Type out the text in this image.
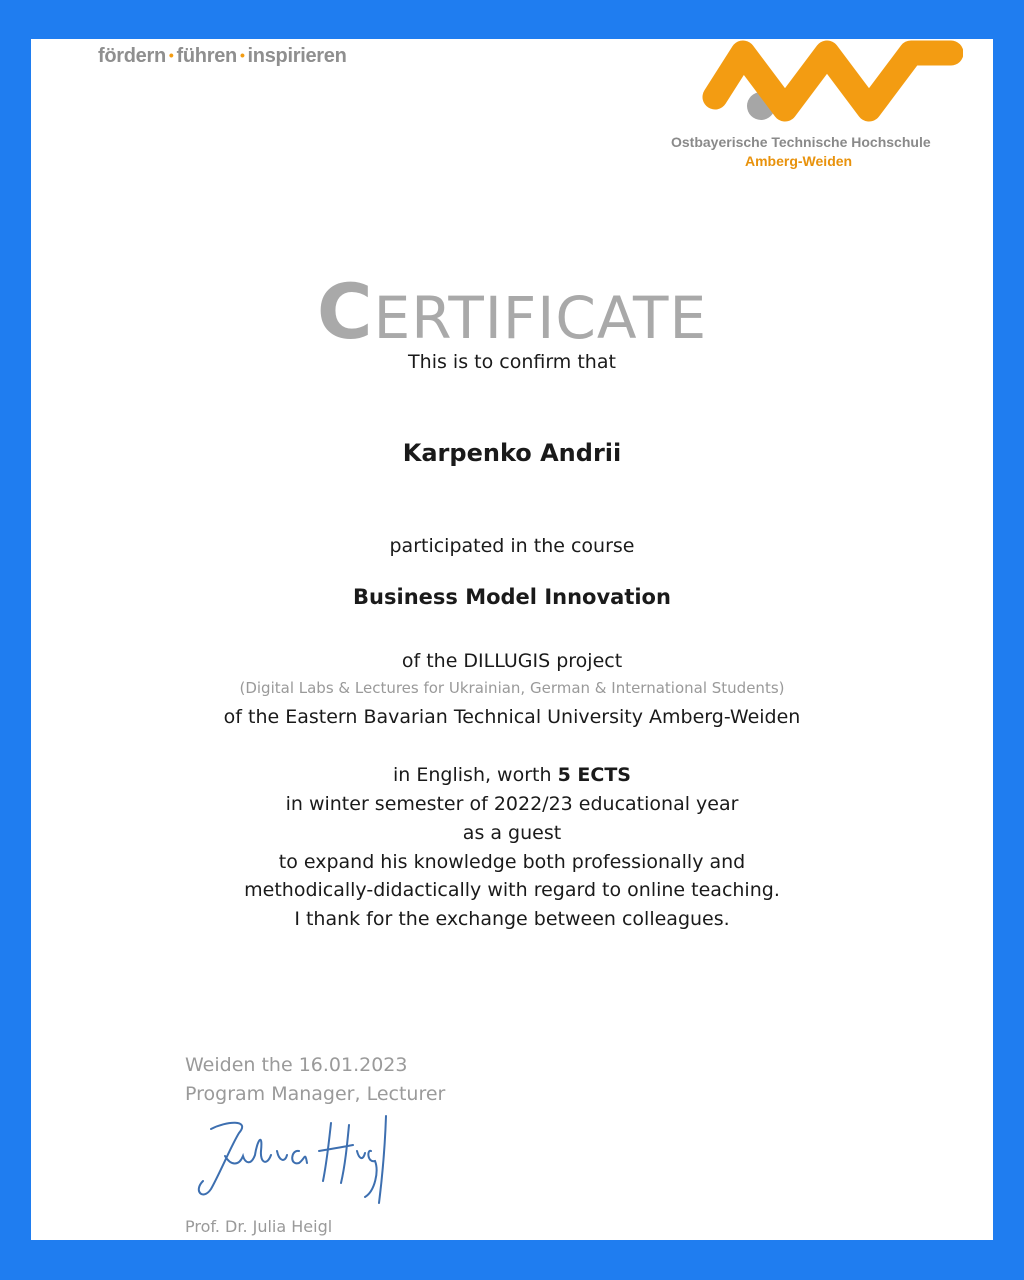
fördern • führen • inspirieren
Ostbayerische Technische Hochschule
Amberg-Weiden
CERTIFICATE
This is to confirm that
Karpenko Andrii
participated in the course
Business Model Innovation
of the DILLUGIS project
(Digital Labs & Lectures for Ukrainian, German & International Students)
of the Eastern Bavarian Technical University Amberg-Weiden
in English, worth 5 ECTS
in winter semester of 2022/23 educational year
as a guest
to expand his knowledge both professionally and
methodically-didactically with regard to online teaching.
I thank for the exchange between colleagues.
Weiden the 16.01.2023
Program Manager, Lecturer
Prof. Dr. Julia Heigl
